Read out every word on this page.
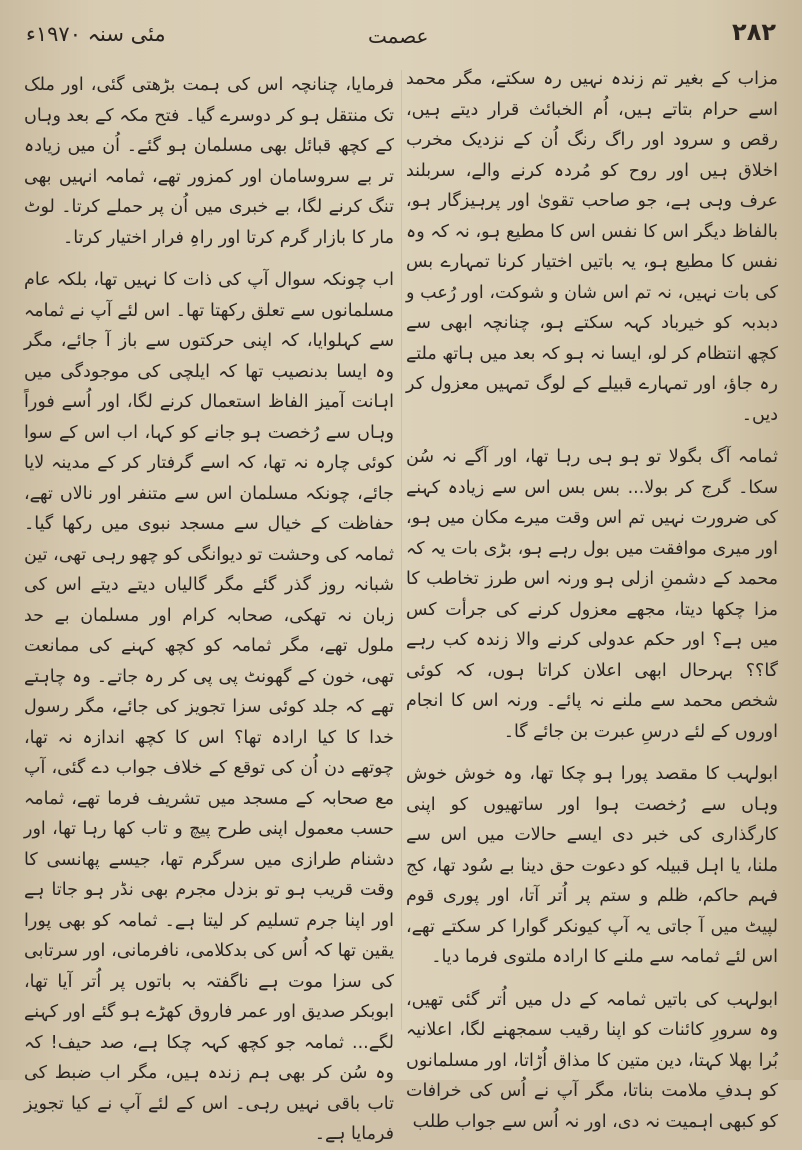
۲۸۲
عصمت
مئی سنہ ۱۹۷۰ء

مزاب کے بغیر تم زندہ نہیں رہ سکتے، مگر محمد اسے حرام بتاتے ہیں، اُم الخبائث قرار دیتے ہیں، رقص و سرود اور راگ رنگ اُن کے نزدیک مخرب اخلاق ہیں اور روح کو مُردہ کرنے والے، سربلند عرف وہی ہے، جو صاحب تقویٰ اور پرہیزگار ہو، بالفاظ دیگر اس کا نفس اس کا مطیع ہو، نہ کہ وہ نفس کا مطیع ہو، یہ باتیں اختیار کرنا تمہارے بس کی بات نہیں، نہ تم اس شان و شوکت، اور رُعب و دبدبہ کو خیرباد کہہ سکتے ہو، چنانچہ ابھی سے کچھ انتظام کر لو، ایسا نہ ہو کہ بعد میں ہاتھ ملتے رہ جاؤ، اور تمہارے قبیلے کے لوگ تمہیں معزول کر دیں۔

ثمامہ آگ بگولا تو ہو ہی رہا تھا، اور آگے نہ سُن سکا۔ گرج کر بولا... بس بس اس سے زیادہ کہنے کی ضرورت نہیں تم اس وقت میرے مکان میں ہو، اور میری موافقت میں بول رہے ہو، بڑی بات یہ کہ محمد کے دشمنِ ازلی ہو ورنہ اس طرز تخاطب کا مزا چکھا دیتا، مجھے معزول کرنے کی جرأت کس میں ہے؟ اور حکم عدولی کرنے والا زندہ کب رہے گا؟؟ بہرحال ابھی اعلان کراتا ہوں، کہ کوئی شخص محمد سے ملنے نہ پائے۔ ورنہ اس کا انجام اوروں کے لئے درسِ عبرت بن جائے گا۔

ابولہب کا مقصد پورا ہو چکا تھا، وہ خوش خوش وہاں سے رُخصت ہوا اور ساتھیوں کو اپنی کارگذاری کی خبر دی ایسے حالات میں اس سے ملنا، یا اہل قبیلہ کو دعوت حق دینا بے سُود تھا، کج فہم حاکم، ظلم و ستم پر اُتر آتا، اور پوری قوم لپیٹ میں آ جاتی یہ آپ کیونکر گوارا کر سکتے تھے، اس لئے ثمامہ سے ملنے کا ارادہ ملتوی فرما دیا۔

ابولہب کی باتیں ثمامہ کے دل میں اُتر گئی تھیں، وہ سرورِ کائنات کو اپنا رقیب سمجھنے لگا، اعلانیہ بُرا بھلا کہتا، دین متین کا مذاق اُڑاتا، اور مسلمانوں کو ہدفِ ملامت بناتا، مگر آپ نے اُس کی خرافات کو کبھی اہمیت نہ دی، اور نہ اُس سے جواب طلب

فرمایا، چنانچہ اس کی ہمت بڑھتی گئی، اور ملک تک منتقل ہو کر دوسرے گیا۔ فتح مکہ کے بعد وہاں کے کچھ قبائل بھی مسلمان ہو گئے۔ اُن میں زیادہ تر بے سروسامان اور کمزور تھے، ثمامہ انہیں بھی تنگ کرنے لگا، بے خبری میں اُن پر حملے کرتا۔ لوٹ مار کا بازار گرم کرتا اور راہِ فرار اختیار کرتا۔

اب چونکہ سوال آپ کی ذات کا نہیں تھا، بلکہ عام مسلمانوں سے تعلق رکھتا تھا۔ اس لئے آپ نے ثمامہ سے کہلوایا، کہ اپنی حرکتوں سے باز آ جائے، مگر وہ ایسا بدنصیب تھا کہ ایلچی کی موجودگی میں اہانت آمیز الفاظ استعمال کرنے لگا، اور اُسے فوراً وہاں سے رُخصت ہو جانے کو کہا، اب اس کے سوا کوئی چارہ نہ تھا، کہ اسے گرفتار کر کے مدینہ لایا جائے، چونکہ مسلمان اس سے متنفر اور نالاں تھے، حفاظت کے خیال سے مسجد نبوی میں رکھا گیا۔ ثمامہ کی وحشت تو دیوانگی کو چھو رہی تھی، تین شبانہ روز گذر گئے مگر گالیاں دیتے دیتے اس کی زبان نہ تھکی، صحابہ کرام اور مسلمان بے حد ملول تھے، مگر ثمامہ کو کچھ کہنے کی ممانعت تھی، خون کے گھونٹ پی پی کر رہ جاتے۔ وہ چاہتے تھے کہ جلد کوئی سزا تجویز کی جائے، مگر رسول خدا کا کیا ارادہ تھا؟ اس کا کچھ اندازہ نہ تھا، چوتھے دن اُن کی توقع کے خلاف جواب دے گئی، آپ مع صحابہ کے مسجد میں تشریف فرما تھے، ثمامہ حسب معمول اپنی طرح پیچ و تاب کھا رہا تھا، اور دشنام طرازی میں سرگرم تھا، جیسے پھانسی کا وقت قریب ہو تو بزدل مجرم بھی نڈر ہو جاتا ہے اور اپنا جرم تسلیم کر لیتا ہے۔ ثمامہ کو بھی پورا یقین تھا کہ اُس کی بدکلامی، نافرمانی، اور سرتابی کی سزا موت ہے ناگفتہ بہ باتوں پر اُتر آیا تھا، ابوبکر صدیق اور عمر فاروق کھڑے ہو گئے اور کہنے لگے... ثمامہ جو کچھ کہہ چکا ہے، صد حیف! کہ وہ سُن کر بھی ہم زندہ ہیں، مگر اب ضبط کی تاب باقی نہیں رہی۔ اس کے لئے آپ نے کیا تجویز فرمایا ہے۔
